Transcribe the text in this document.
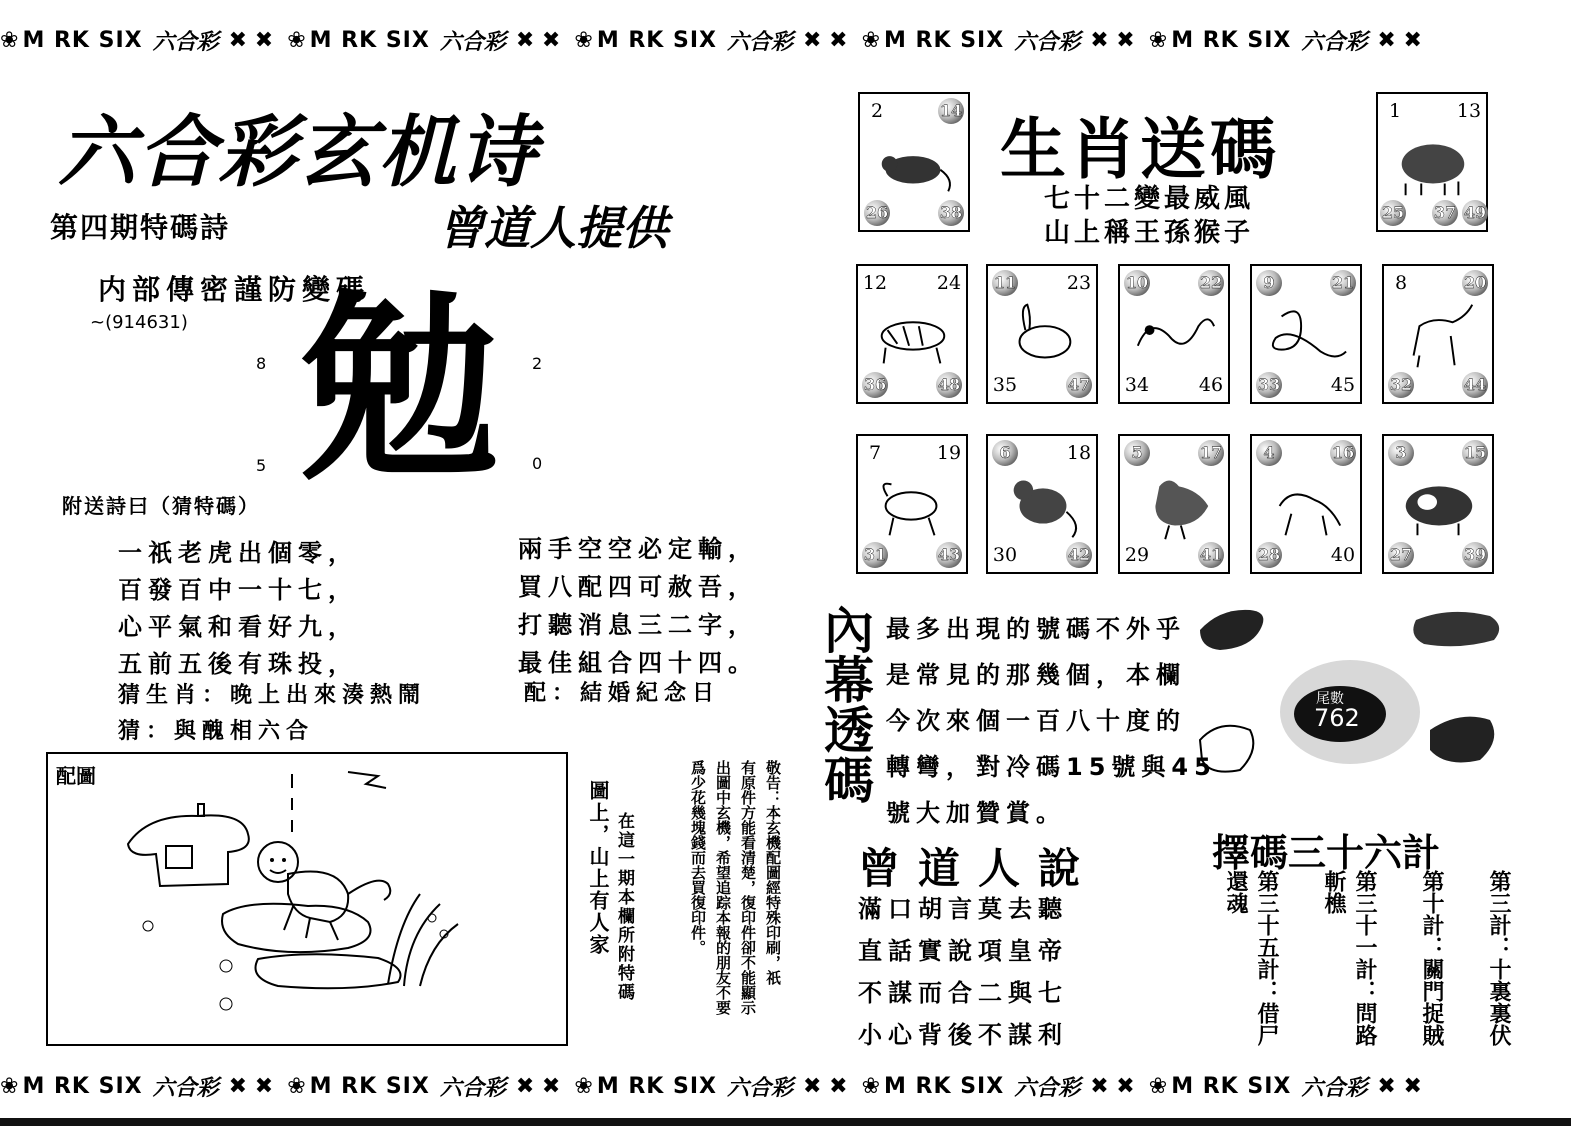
❀ M RK SIX 六合彩 ✖ ✖ ❀ M RK SIX 六合彩 ✖ ✖ ❀ M RK SIX 六合彩 ✖ ✖ ❀ M RK SIX 六合彩 ✖ ✖ ❀ M RK SIX 六合彩 ✖ ✖
❀ M RK SIX 六合彩 ✖ ✖ ❀ M RK SIX 六合彩 ✖ ✖ ❀ M RK SIX 六合彩 ✖ ✖ ❀ M RK SIX 六合彩 ✖ ✖ ❀ M RK SIX 六合彩 ✖ ✖
六合彩玄机诗
第四期特碼詩	曾道人提供
内部傳密謹防變碼
~(914631)
8	2
5	0
勉
附送詩曰（猜特碼）
一祇老虎出個零，
百發百中一十七，
心平氣和看好九，
五前五後有珠投，
兩手空空必定輸，
買八配四可赦吾，
打聽消息三二字，
最佳組合四十四。
猜生肖：晚上出來湊熱鬧
猜：與醜相六合
配：結婚紀念日
配圖
圖上，山上有人家 在這一期本欄所附特碼	敬告：本玄機配圖經特殊印刷，祇
有原件方能看清楚，復印件卻不能顯示
出圖中玄機，希望追踪本報的朋友不要
爲少花幾塊錢而去買復印件。
生肖送碼
七十二變最威風
山上稱王孫猴子
2	14
26	38
1	13
25 37 49
12	24
36	48
11	23
35	47
10	22
34	46
9	21
33	45
8	20
32	44
7	19
31	43
6	18
30	42
5	17
29	41
4	16
28	40
3	15
27	39
內幕透碼 最多出現的號碼不外乎
是常見的那幾個，本欄
今次來個一百八十度的
轉彎，對冷碼15號與45
號大加贊賞。
尾數
762
曾道人說
滿口胡言莫去聽
直話實說項皇帝
不謀而合二與七
小心背後不謀利
擇碼三十六計
第三計：十裏裏伏
第十計：關門捉賊
第三十一計：問路斬樵
第三十五計：借尸還魂
